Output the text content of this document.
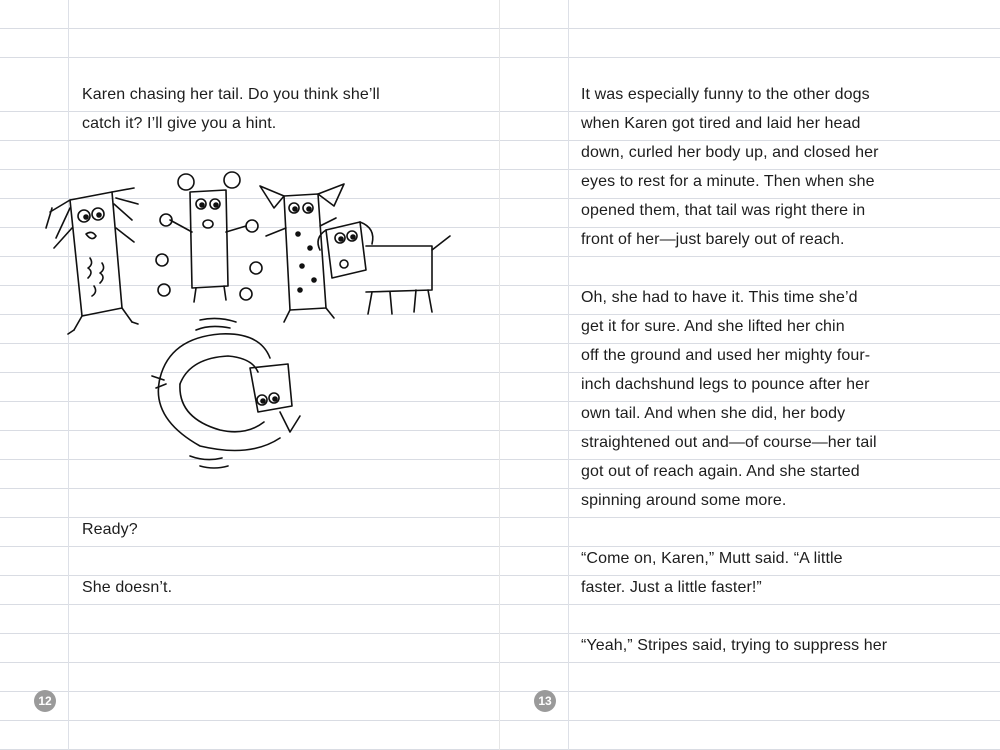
Karen chasing her tail. Do you think she’ll
catch it? I’ll give you a hint.
Ready?
She doesn’t.
12
It was especially funny to the other dogs
when Karen got tired and laid her head
down, curled her body up, and closed her
eyes to rest for a minute. Then when she
opened them, that tail was right there in
front of her—just barely out of reach.
Oh, she had to have it. This time she’d
get it for sure. And she lifted her chin
off the ground and used her mighty four-
inch dachshund legs to pounce after her
own tail. And when she did, her body
straightened out and—of course—her tail
got out of reach again. And she started
spinning around some more.
“Come on, Karen,” Mutt said. “A little
faster. Just a little faster!”
“Yeah,” Stripes said, trying to suppress her
13
